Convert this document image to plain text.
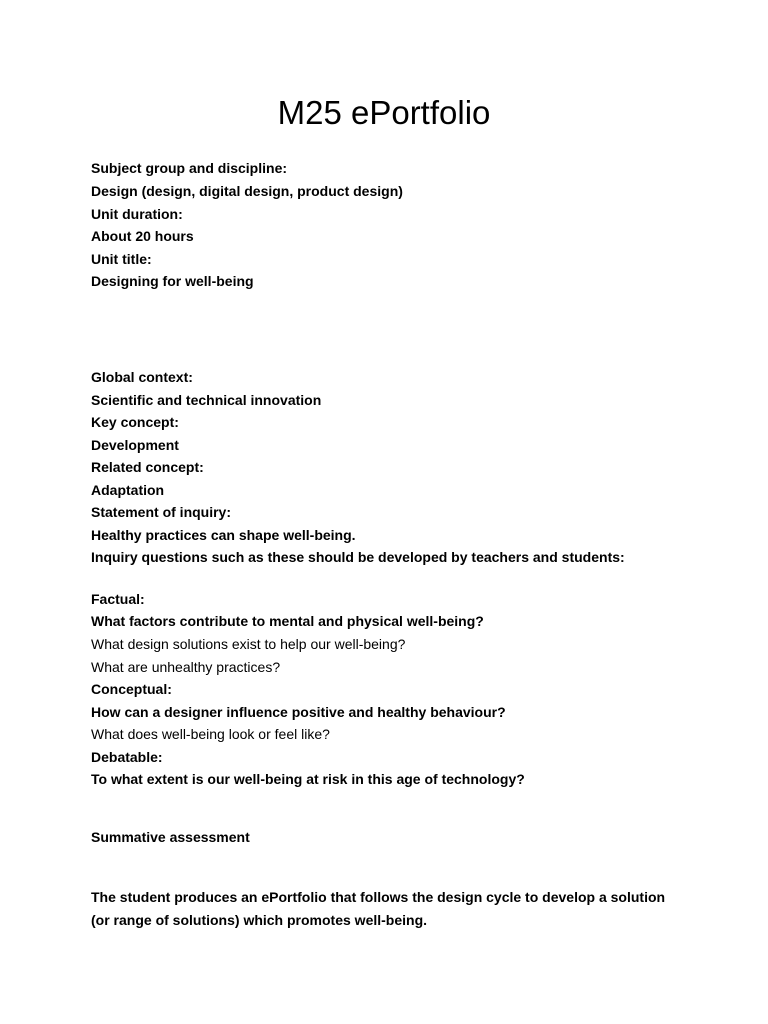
M25 ePortfolio
Subject group and discipline:
Design (design, digital design, product design)
Unit duration:
About 20 hours
Unit title:
Designing for well-being
Global context:
Scientific and technical innovation
Key concept:
Development
Related concept:
Adaptation
Statement of inquiry:
Healthy practices can shape well-being.
Inquiry questions such as these should be developed by teachers and students:
Factual:
What factors contribute to mental and physical well-being?
What design solutions exist to help our well-being?
What are unhealthy practices?
Conceptual:
How can a designer influence positive and healthy behaviour?
What does well-being look or feel like?
Debatable:
To what extent is our well-being at risk in this age of technology?
Summative assessment
The student produces an ePortfolio that follows the design cycle to develop a solution
(or range of solutions) which promotes well-being.
